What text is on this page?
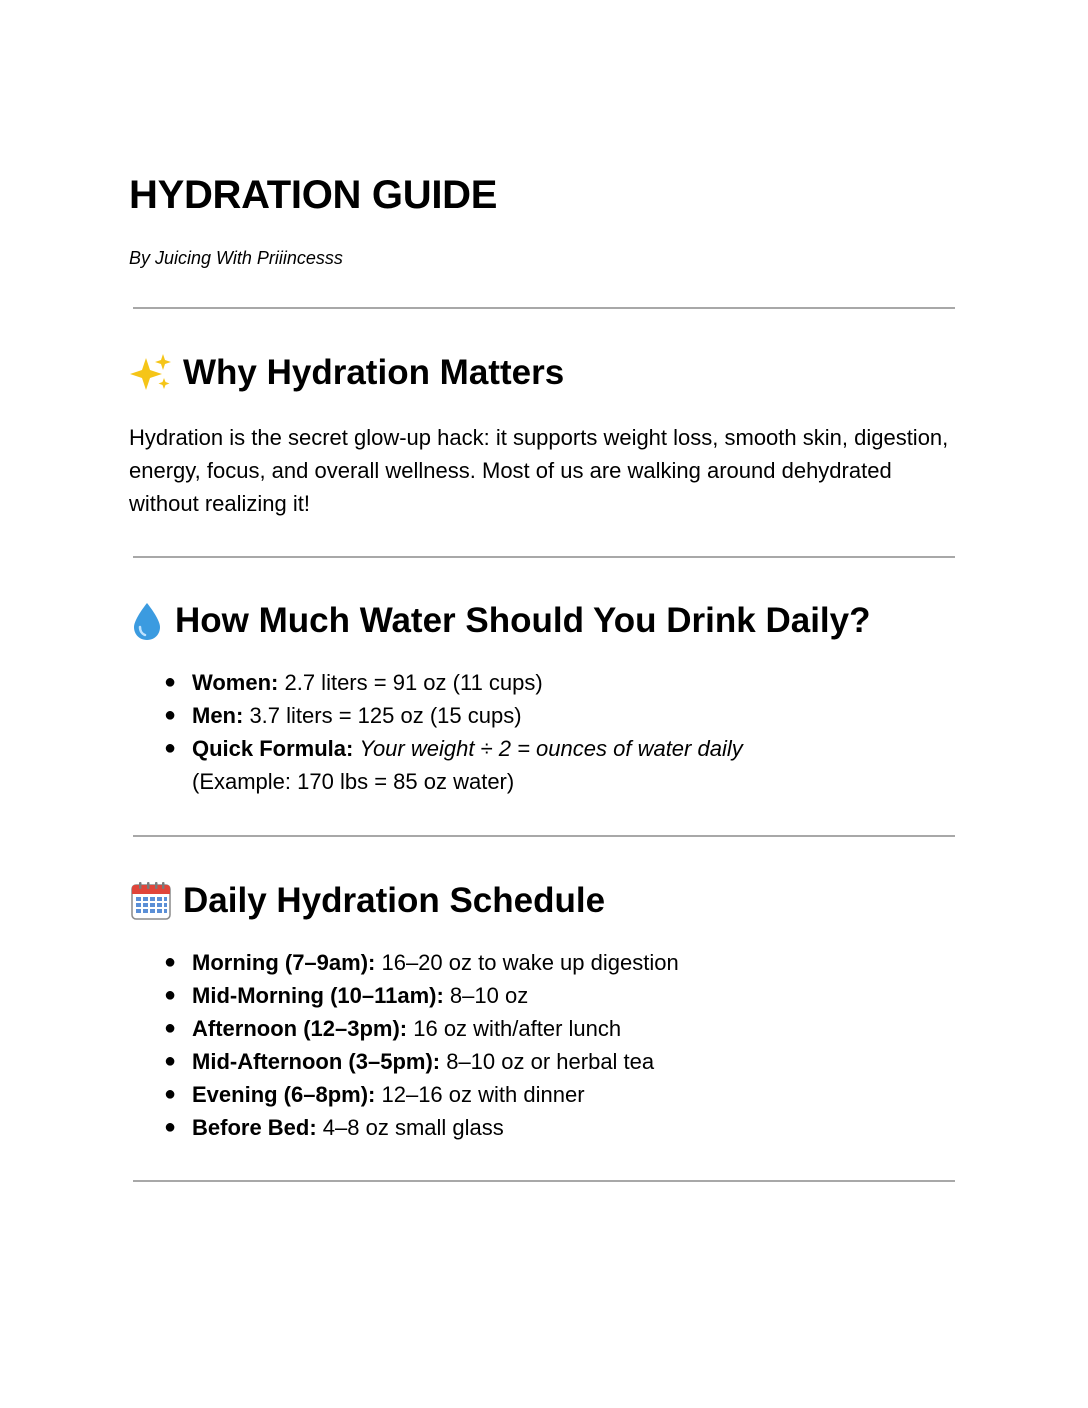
HYDRATION GUIDE

By Juicing With Priiincesss

Why Hydration Matters

Hydration is the secret glow-up hack: it supports weight loss, smooth skin, digestion, energy, focus, and overall wellness. Most of us are walking around dehydrated without realizing it!

How Much Water Should You Drink Daily?
● Women: 2.7 liters = 91 oz (11 cups)
● Men: 3.7 liters = 125 oz (15 cups)
● Quick Formula: Your weight ÷ 2 = ounces of water daily
(Example: 170 lbs = 85 oz water)
Daily Hydration Schedule
● Morning (7–9am): 16–20 oz to wake up digestion
● Mid-Morning (10–11am): 8–10 oz
● Afternoon (12–3pm): 16 oz with/after lunch
● Mid-Afternoon (3–5pm): 8–10 oz or herbal tea
● Evening (6–8pm): 12–16 oz with dinner
● Before Bed: 4–8 oz small glass
